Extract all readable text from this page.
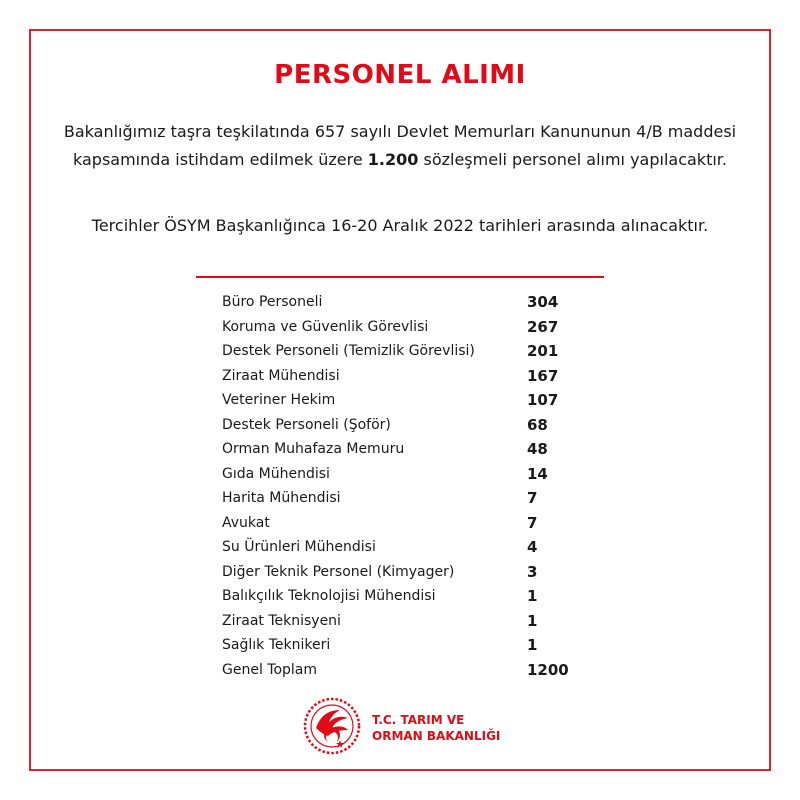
PERSONEL ALIMI
Bakanlığımız taşra teşkilatında 657 sayılı Devlet Memurları Kanununun 4/B maddesi kapsamında istihdam edilmek üzere 1.200 sözleşmeli personel alımı yapılacaktır.
Tercihler ÖSYM Başkanlığınca 16-20 Aralık 2022 tarihleri arasında alınacaktır.
Büro Personeli	304
Koruma ve Güvenlik Görevlisi	267
Destek Personeli (Temizlik Görevlisi)	201
Ziraat Mühendisi	167
Veteriner Hekim	107
Destek Personeli (Şoför)	68
Orman Muhafaza Memuru	48
Gıda Mühendisi	14
Harita Mühendisi	7
Avukat	7
Su Ürünleri Mühendisi	4
Diğer Teknik Personel (Kimyager)	3
Balıkçılık Teknolojisi Mühendisi	1
Ziraat Teknisyeni	1
Sağlık Teknikeri	1
Genel Toplam	1200
T.C. TARIM VE
ORMAN BAKANLIĞI
